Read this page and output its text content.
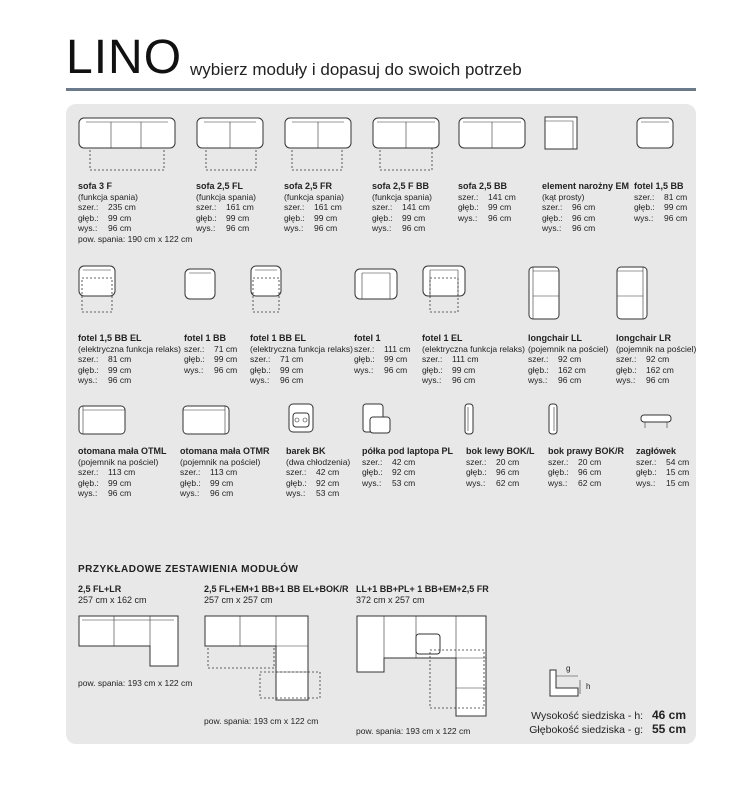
LINO wybierz moduły i dopasuj do swoich potrzeb
sofa 3 F
(funkcja spania)
szer.: 235 cm
głęb.: 99 cm
wys.: 96 cm
pow. spania: 190 cm x 122 cm
sofa 2,5 FL
(funkcja spania)
szer.: 161 cm
głęb.: 99 cm
wys.: 96 cm
sofa 2,5 FR
(funkcja spania)
szer.: 161 cm
głęb.: 99 cm
wys.: 96 cm
sofa 2,5 F BB
(funkcja spania)
szer.: 141 cm
głęb.: 99 cm
wys.: 96 cm
sofa 2,5 BB
szer.: 141 cm
głęb.: 99 cm
wys.: 96 cm
element narożny EM
(kąt prosty)
szer.: 96 cm
głęb.: 96 cm
wys.: 96 cm
fotel 1,5 BB
szer.: 81 cm
głęb.: 99 cm
wys.: 96 cm
fotel 1,5 BB EL
(elektryczna funkcja relaks)
szer.: 81 cm
głęb.: 99 cm
wys.: 96 cm
fotel 1 BB
szer.: 71 cm
głęb.: 99 cm
wys.: 96 cm
fotel 1 BB EL
(elektryczna funkcja relaks)
szer.: 71 cm
głęb.: 99 cm
wys.: 96 cm
fotel 1
szer.: 111 cm
głęb.: 99 cm
wys.: 96 cm
fotel 1 EL
(elektryczna funkcja relaks)
szer.: 111 cm
głęb.: 99 cm
wys.: 96 cm
longchair LL
(pojemnik na pościel)
szer.: 92 cm
głęb.: 162 cm
wys.: 96 cm
longchair LR
(pojemnik na pościel)
szer.: 92 cm
głęb.: 162 cm
wys.: 96 cm
otomana mała OTML
(pojemnik na pościel)
szer.: 113 cm
głęb.: 99 cm
wys.: 96 cm
otomana mała OTMR
(pojemnik na pościel)
szer.: 113 cm
głęb.: 99 cm
wys.: 96 cm
barek BK
(dwa chłodzenia)
szer.: 42 cm
głęb.: 92 cm
wys.: 53 cm
półka pod laptopa PL
szer.: 42 cm
głęb.: 92 cm
wys.: 53 cm
bok lewy BOK/L
szer.: 20 cm
głęb.: 96 cm
wys.: 62 cm
bok prawy BOK/R
szer.: 20 cm
głęb.: 96 cm
wys.: 62 cm
zagłówek
szer.: 54 cm
głęb.: 15 cm
wys.: 15 cm
PRZYKŁADOWE ZESTAWIENIA MODUŁÓW
2,5 FL+LR
257 cm x 162 cm
pow. spania: 193 cm x 122 cm
2,5 FL+EM+1 BB+1 BB EL+BOK/R
257 cm x 257 cm
pow. spania: 193 cm x 122 cm
LL+1 BB+PL+ 1 BB+EM+2,5 FR
372 cm x 257 cm
pow. spania: 193 cm x 122 cm
g
h
Wysokość siedziska - h: 46 cm
Głębokość siedziska - g: 55 cm
